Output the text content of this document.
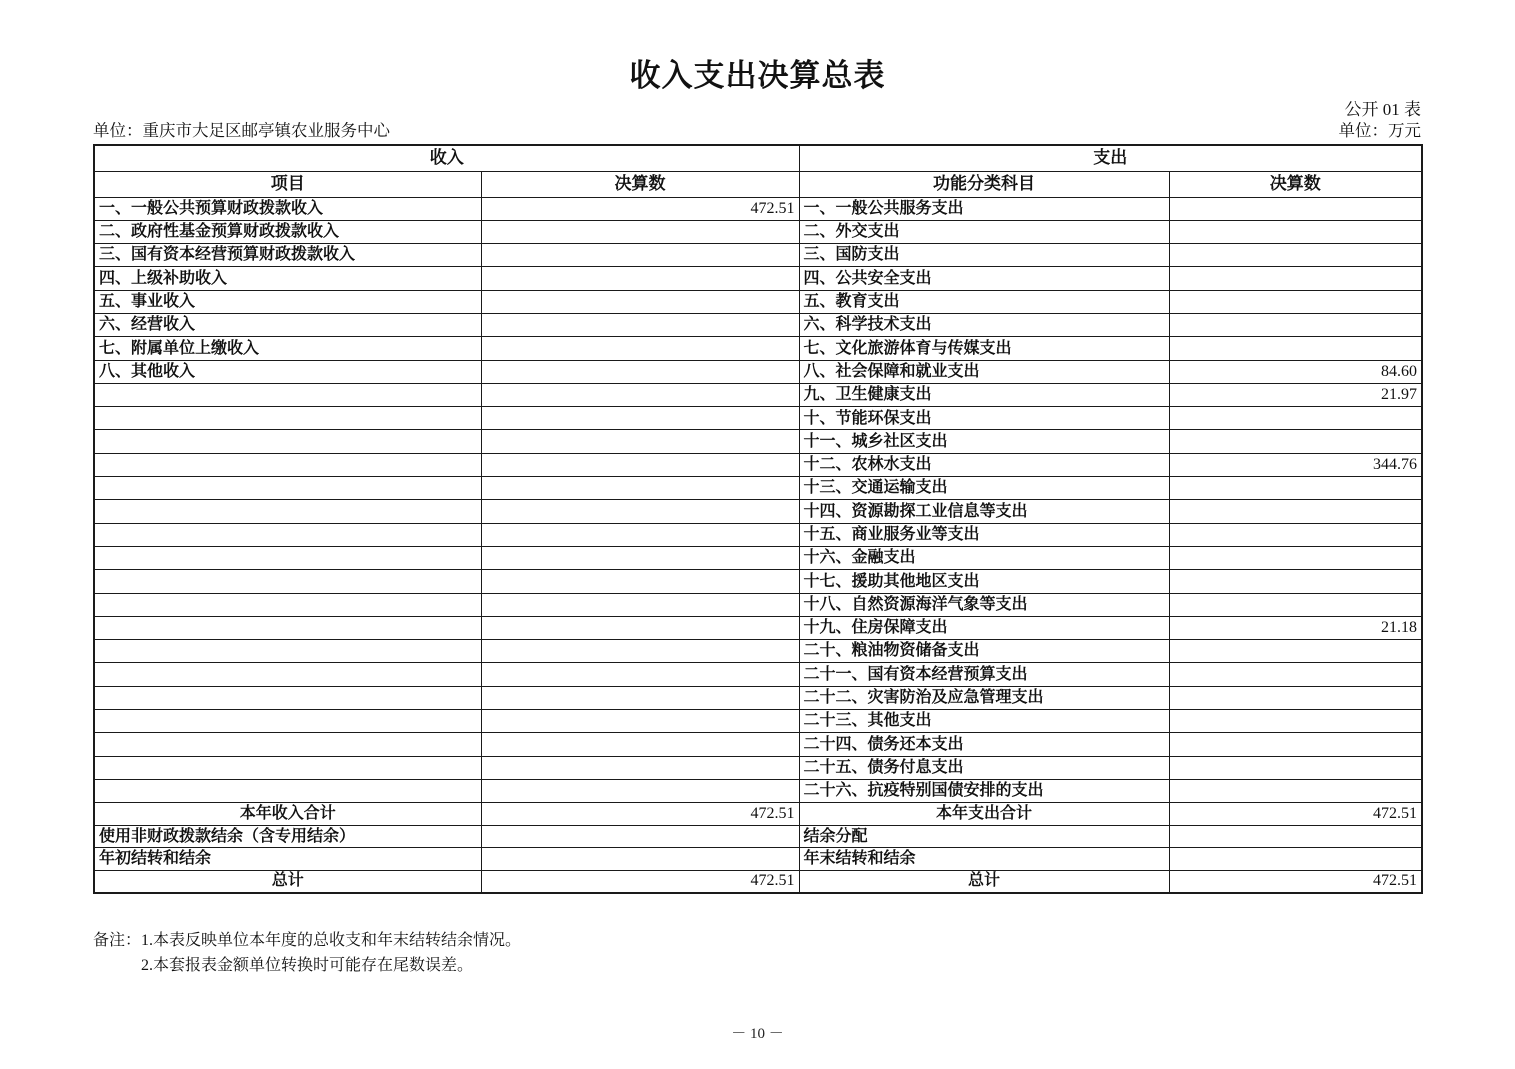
收入支出决算总表
公开 01 表
单位：重庆市大足区邮亭镇农业服务中心	单位：万元
收入		支出	
项目	决算数	功能分类科目	决算数
一、一般公共预算财政拨款收入	472.51	一、一般公共服务支出	
二、政府性基金预算财政拨款收入		二、外交支出	
三、国有资本经营预算财政拨款收入		三、国防支出	
四、上级补助收入		四、公共安全支出	
五、事业收入		五、教育支出	
六、经营收入		六、科学技术支出	
七、附属单位上缴收入		七、文化旅游体育与传媒支出	
八、其他收入		八、社会保障和就业支出	84.60
		九、卫生健康支出	21.97
		十、节能环保支出	
		十一、城乡社区支出	
		十二、农林水支出	344.76
		十三、交通运输支出	
		十四、资源勘探工业信息等支出	
		十五、商业服务业等支出	
		十六、金融支出	
		十七、援助其他地区支出	
		十八、自然资源海洋气象等支出	
		十九、住房保障支出	21.18
		二十、粮油物资储备支出	
		二十一、国有资本经营预算支出	
		二十二、灾害防治及应急管理支出	
		二十三、其他支出	
		二十四、债务还本支出	
		二十五、债务付息支出	
		二十六、抗疫特别国债安排的支出	
本年收入合计	472.51	本年支出合计	472.51
使用非财政拨款结余（含专用结余）		结余分配	
年初结转和结余		年末结转和结余	
总计	472.51	总计	472.51
备注： 1.本表反映单位本年度的总收支和年末结转结余情况。
2.本套报表金额单位转换时可能存在尾数误差。
－ 10 －
